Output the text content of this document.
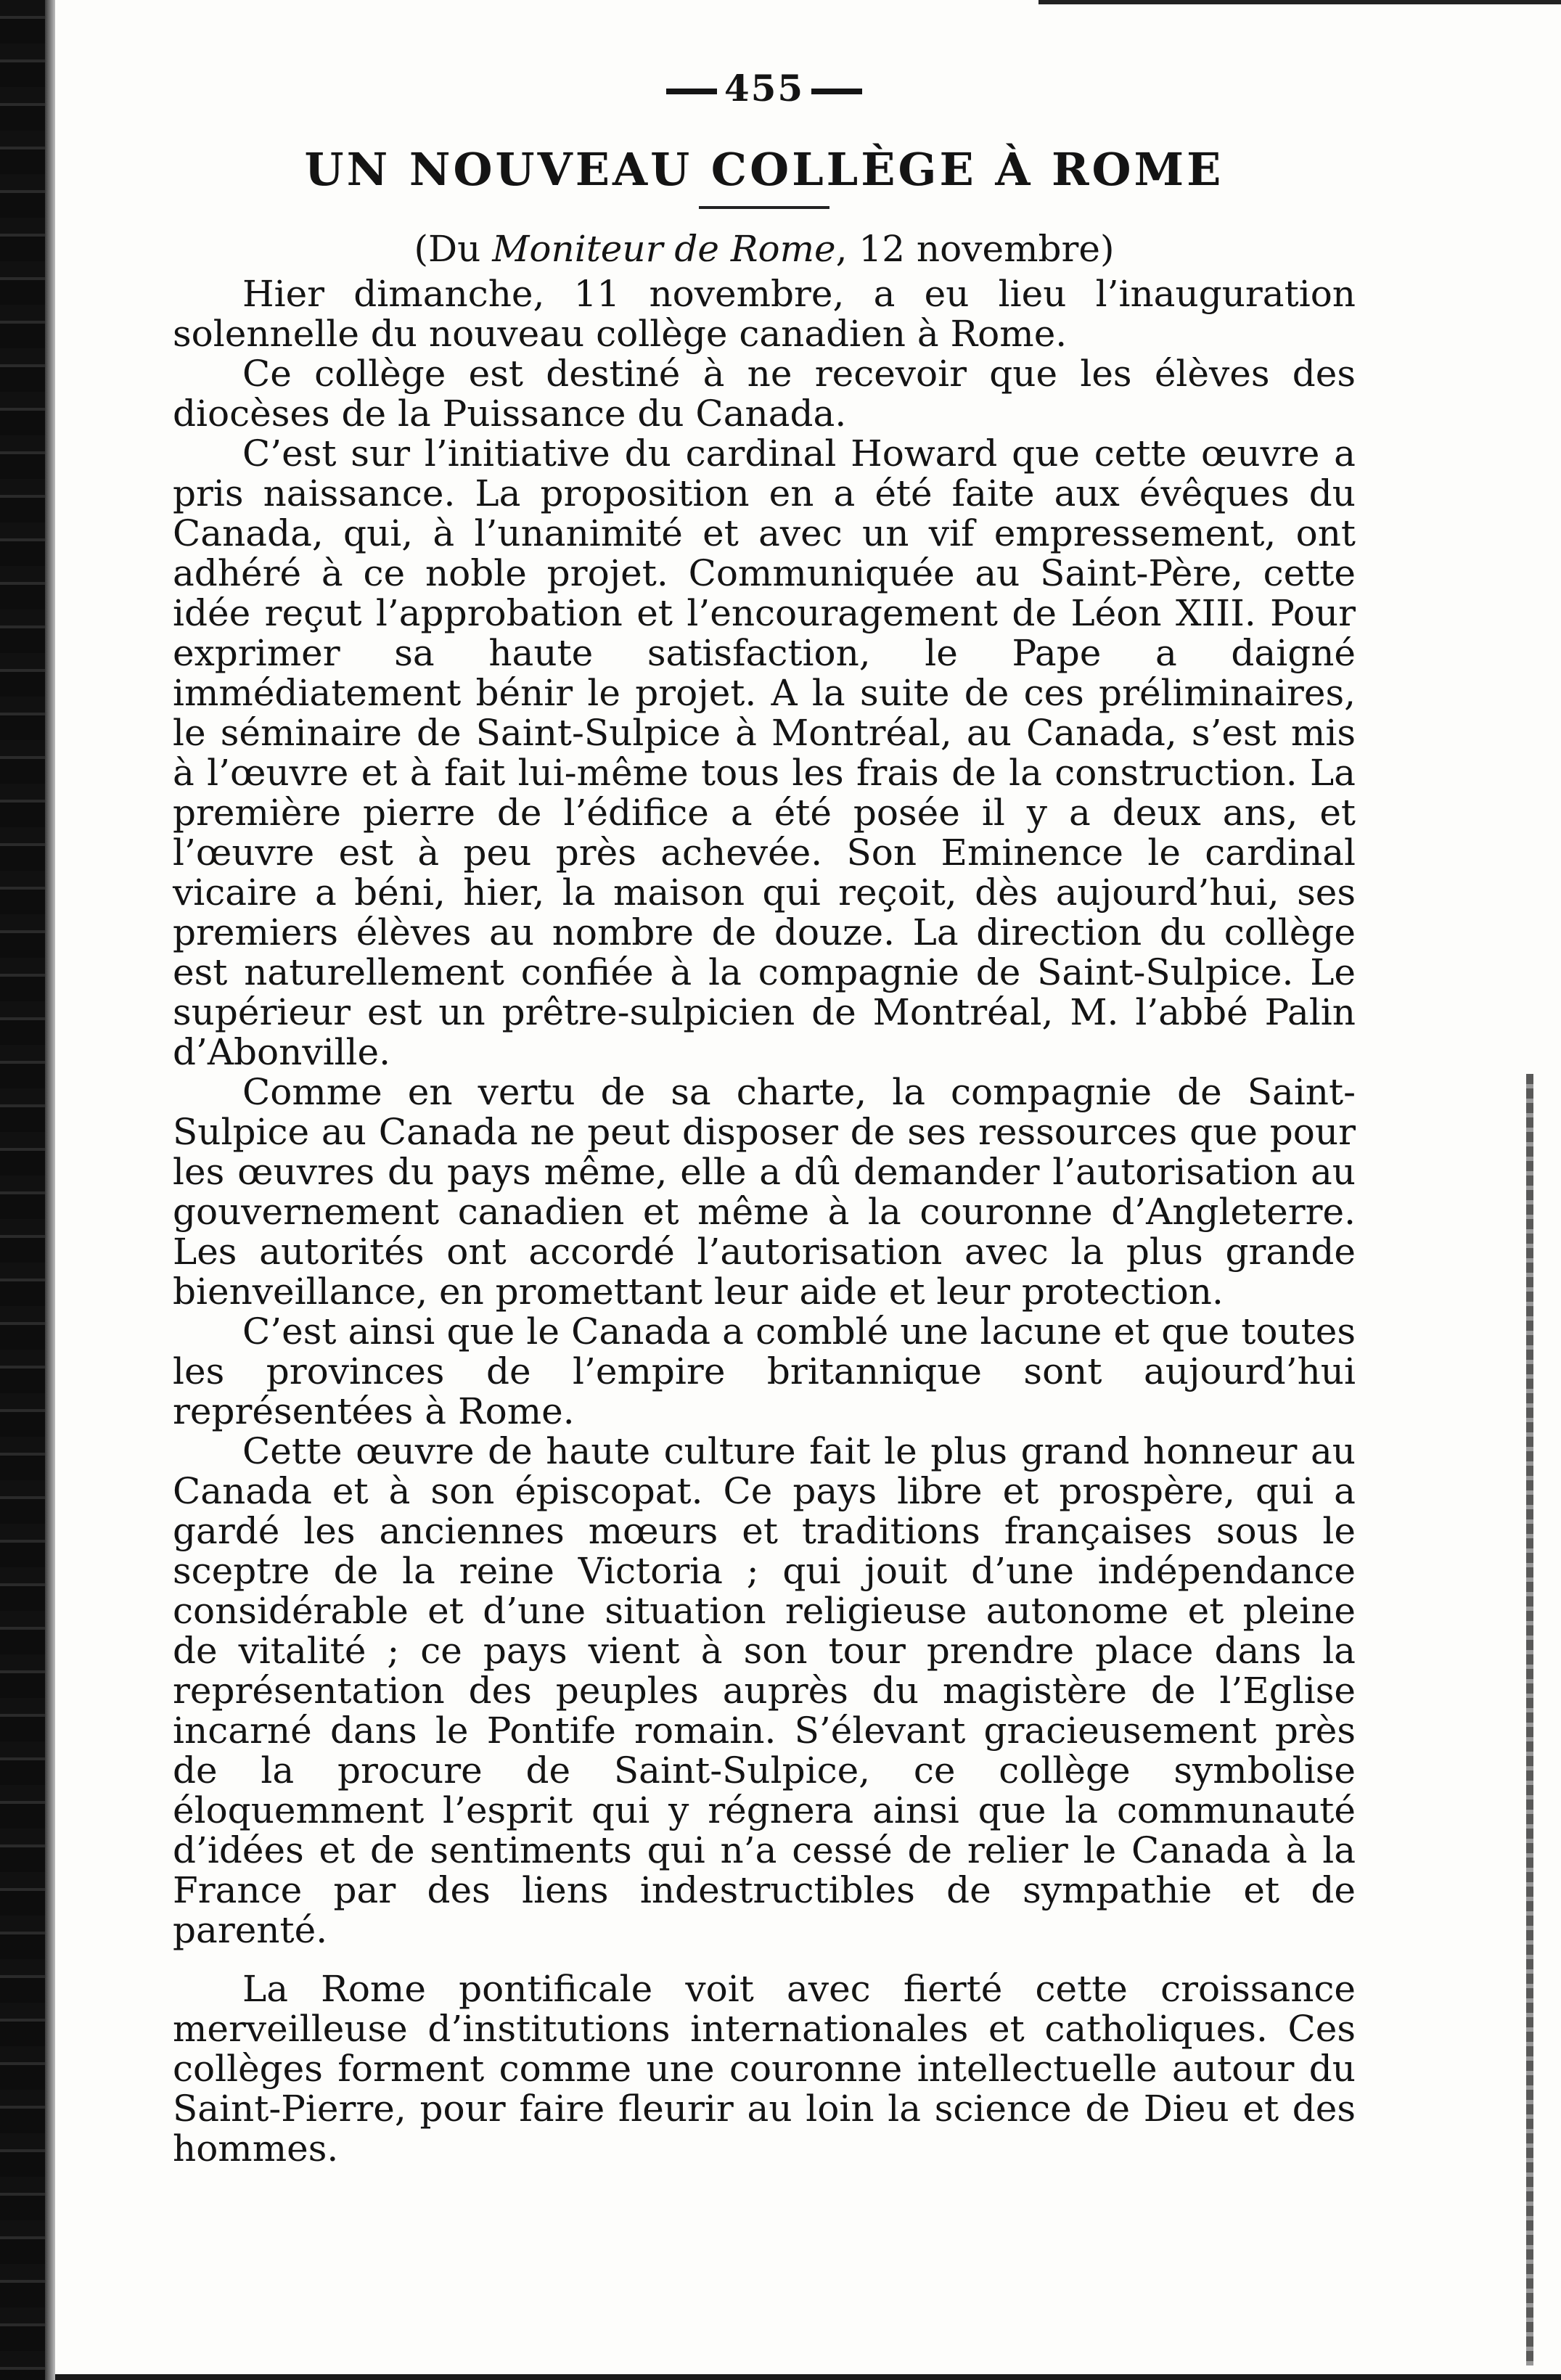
455
UN NOUVEAU COLLÈGE À ROME
(Du Moniteur de Rome, 12 novembre)

Hier dimanche, 11 novembre, a eu lieu l’inauguration solennelle du nouveau collège canadien à Rome.

Ce collège est destiné à ne recevoir que les élèves des diocèses de la Puissance du Canada.

C’est sur l’initiative du cardinal Howard que cette œuvre a pris naissance. La proposition en a été faite aux évêques du Canada, qui, à l’unanimité et avec un vif empressement, ont adhéré à ce noble projet. Communiquée au Saint-Père, cette idée reçut l’approbation et l’encouragement de Léon XIII. Pour exprimer sa haute satisfaction, le Pape a daigné immédiatement bénir le projet. A la suite de ces préliminaires, le séminaire de Saint-Sulpice à Montréal, au Canada, s’est mis à l’œuvre et à fait lui-même tous les frais de la construction. La première pierre de l’édifice a été posée il y a deux ans, et l’œuvre est à peu près achevée. Son Eminence le cardinal vicaire a béni, hier, la maison qui reçoit, dès aujourd’hui, ses premiers élèves au nombre de douze. La direction du collège est naturellement confiée à la compagnie de Saint-Sulpice. Le supérieur est un prêtre-sulpicien de Montréal, M. l’abbé Palin d’Abonville.

Comme en vertu de sa charte, la compagnie de Saint-Sulpice au Canada ne peut disposer de ses ressources que pour les œuvres du pays même, elle a dû demander l’autorisation au gouvernement canadien et même à la couronne d’Angleterre. Les autorités ont accordé l’autorisation avec la plus grande bienveillance, en promettant leur aide et leur protection.

C’est ainsi que le Canada a comblé une lacune et que toutes les provinces de l’empire britannique sont aujourd’hui représentées à Rome.

Cette œuvre de haute culture fait le plus grand honneur au Canada et à son épiscopat. Ce pays libre et prospère, qui a gardé les anciennes mœurs et traditions françaises sous le sceptre de la reine Victoria ; qui jouit d’une indépendance considérable et d’une situation religieuse autonome et pleine de vitalité ; ce pays vient à son tour prendre place dans la représentation des peuples auprès du magistère de l’Eglise incarné dans le Pontife romain. S’élevant gracieusement près de la procure de Saint-Sulpice, ce collège symbolise éloquemment l’esprit qui y régnera ainsi que la communauté d’idées et de sentiments qui n’a cessé de relier le Canada à la France par des liens indestructibles de sympathie et de parenté.

La Rome pontificale voit avec fierté cette croissance merveilleuse d’institutions internationales et catholiques. Ces collèges forment comme une couronne intellectuelle autour du Saint-Pierre, pour faire fleurir au loin la science de Dieu et des hommes.
